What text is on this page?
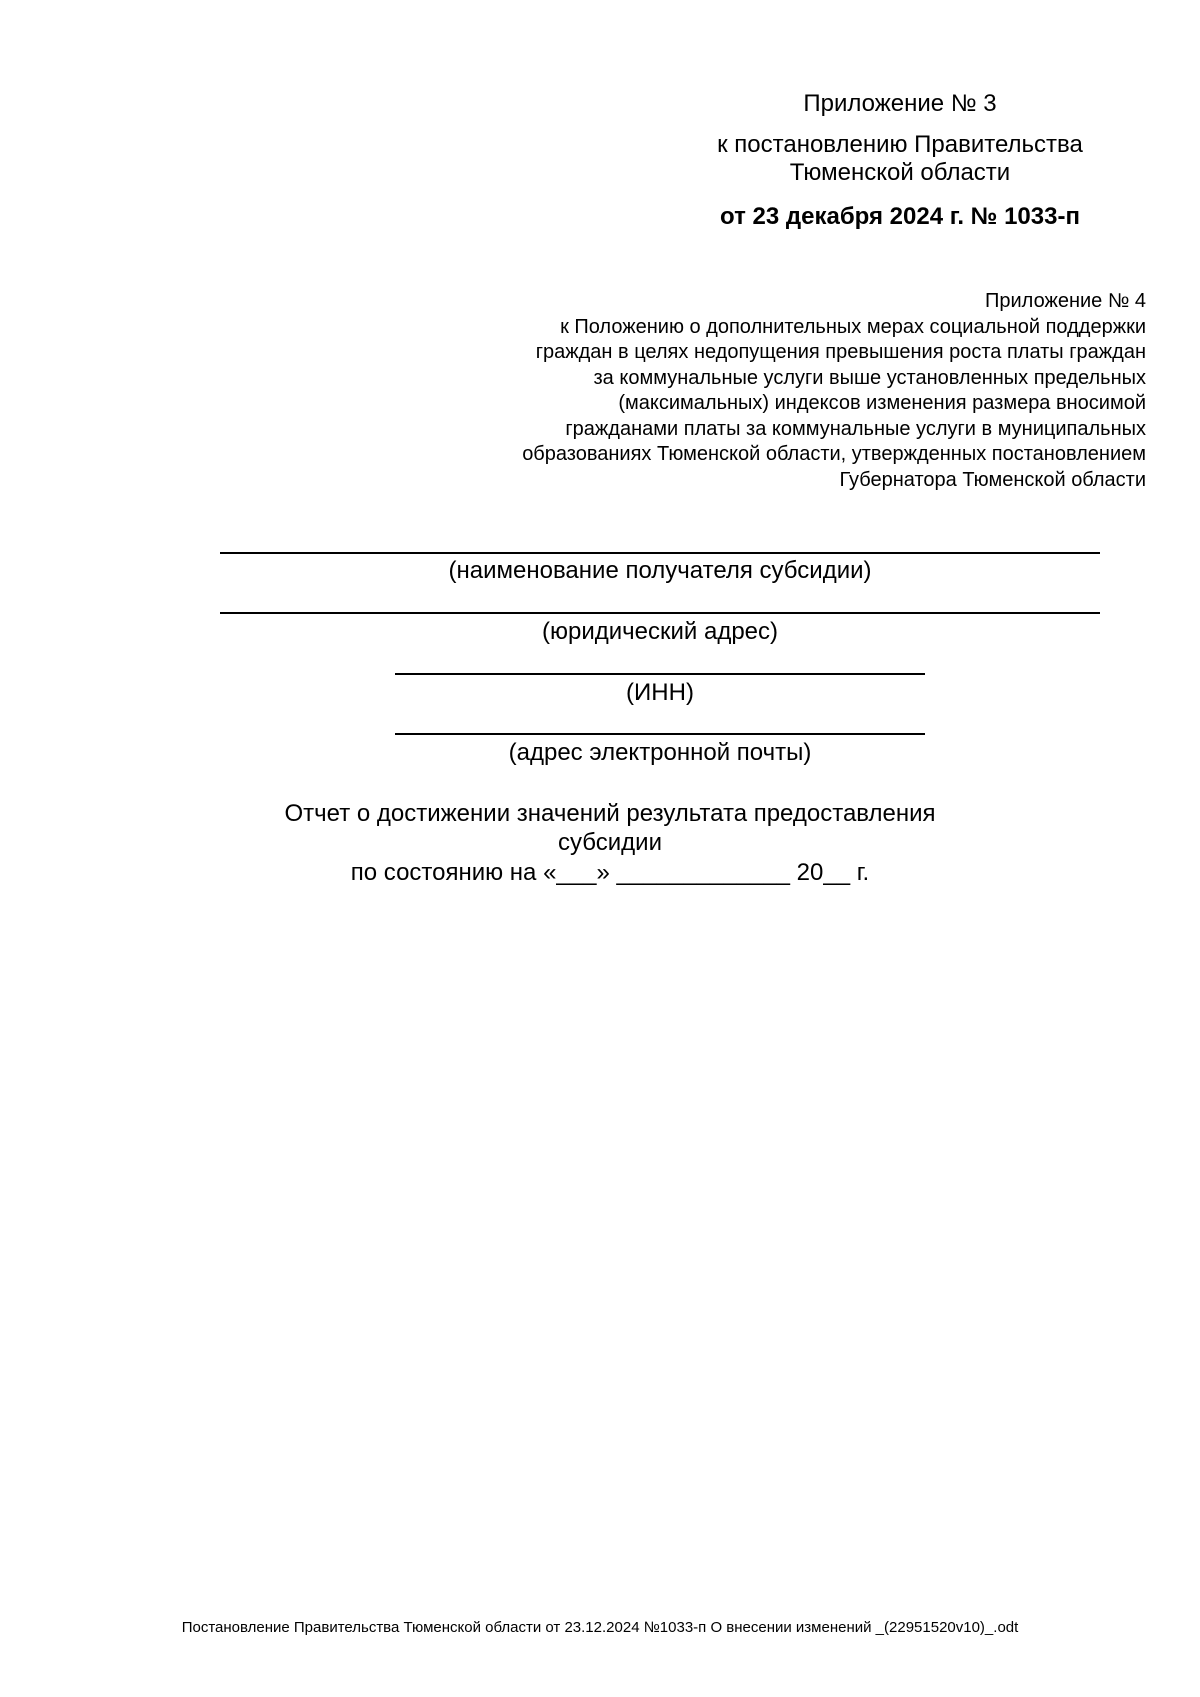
Приложение № 3
к постановлению Правительства
Тюменской области
от 23 декабря 2024 г. № 1033-п
Приложение № 4
к Положению о дополнительных мерах социальной поддержки
граждан в целях недопущения превышения роста платы граждан
за коммунальные услуги выше установленных предельных
(максимальных) индексов изменения размера вносимой
гражданами платы за коммунальные услуги в муниципальных
образованиях Тюменской области, утвержденных постановлением
Губернатора Тюменской области
(наименование получателя субсидии)
(юридический адрес)
(ИНН)
(адрес электронной почты)
Отчет о достижении значений результата предоставления
субсидии
по состоянию на «___» _____________ 20__ г.
Постановление Правительства Тюменской области от 23.12.2024 №1033-п О внесении изменений _(22951520v10)_.odt
